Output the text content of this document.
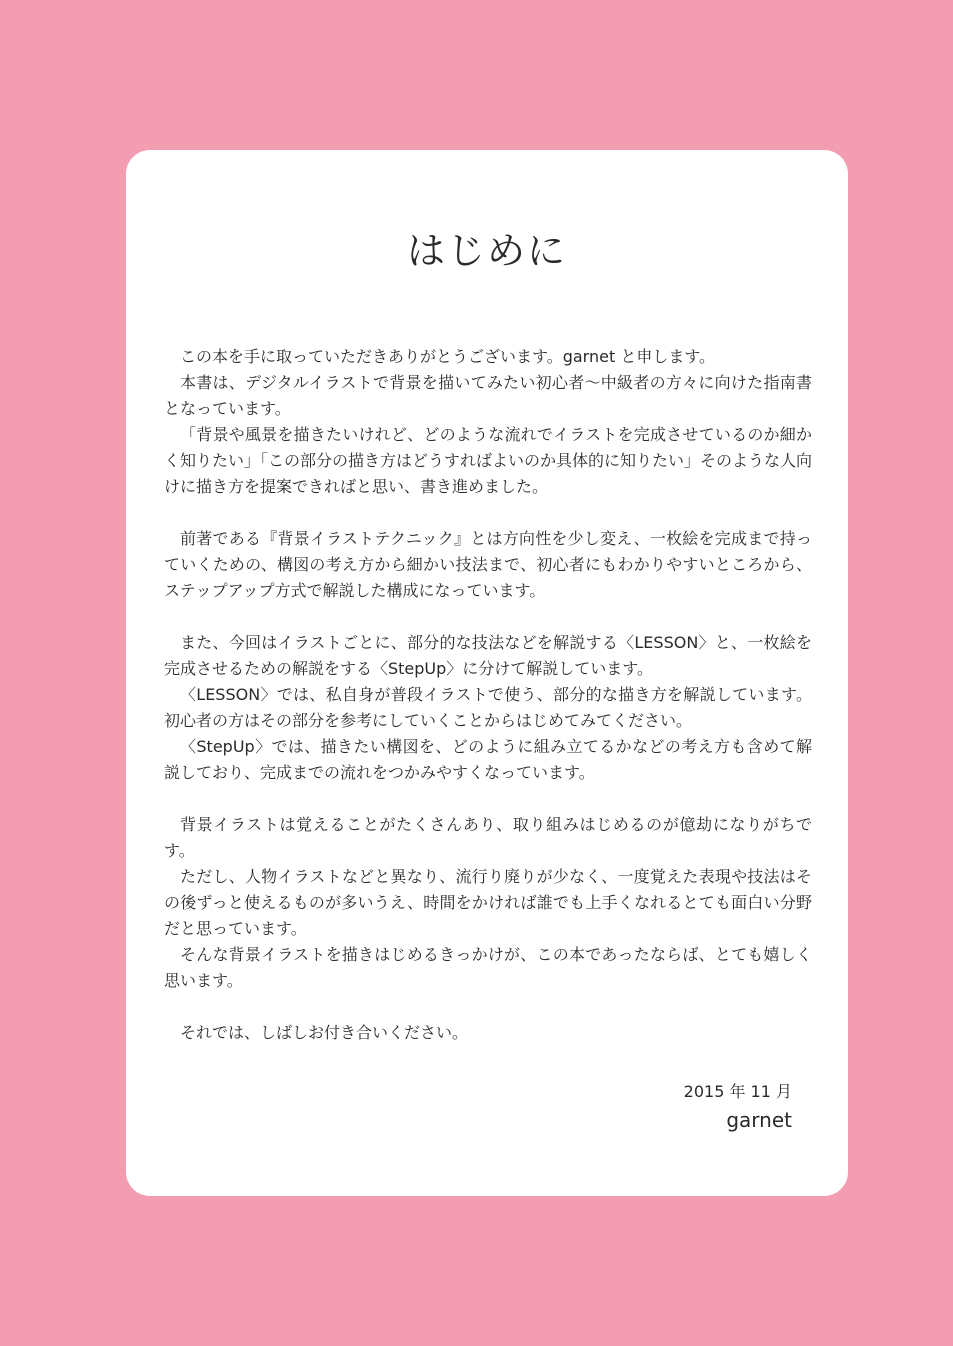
はじめに
この本を手に取っていただきありがとうございます。garnet と申します。
本書は、デジタルイラストで背景を描いてみたい初心者〜中級者の方々に向けた指南書となっています。
「背景や風景を描きたいけれど、どのような流れでイラストを完成させているのか細かく知りたい」「この部分の描き方はどうすればよいのか具体的に知りたい」そのような人向けに描き方を提案できればと思い、書き進めました。
前著である『背景イラストテクニック』とは方向性を少し変え、一枚絵を完成まで持っていくための、構図の考え方から細かい技法まで、初心者にもわかりやすいところから、ステップアップ方式で解説した構成になっています。
また、今回はイラストごとに、部分的な技法などを解説する〈LESSON〉と、一枚絵を完成させるための解説をする〈StepUp〉に分けて解説しています。
〈LESSON〉では、私自身が普段イラストで使う、部分的な描き方を解説しています。初心者の方はその部分を参考にしていくことからはじめてみてください。
〈StepUp〉では、描きたい構図を、どのように組み立てるかなどの考え方も含めて解説しており、完成までの流れをつかみやすくなっています。
背景イラストは覚えることがたくさんあり、取り組みはじめるのが億劫になりがちです。
ただし、人物イラストなどと異なり、流行り廃りが少なく、一度覚えた表現や技法はその後ずっと使えるものが多いうえ、時間をかければ誰でも上手くなれるとても面白い分野だと思っています。
そんな背景イラストを描きはじめるきっかけが、この本であったならば、とても嬉しく思います。
それでは、しばしお付き合いください。
2015 年 11 月
garnet
